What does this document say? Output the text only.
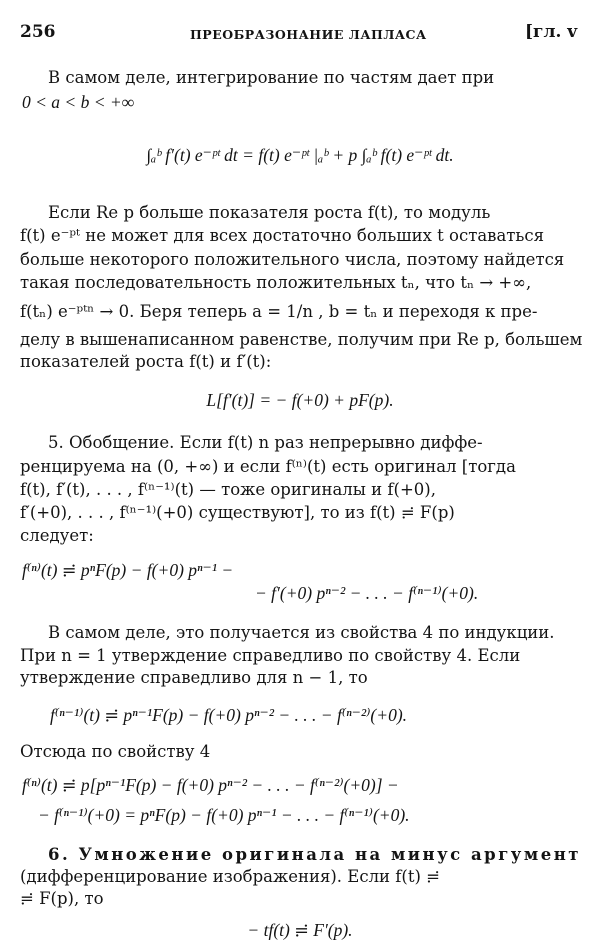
256	ПРЕОБРАЗОНАНИЕ ЛАПЛАСА	[гл. v
В самом деле, интегрирование по частям дает при
0 < a < b < +∞
∫ₐᵇ f′(t) e⁻ᵖᵗ dt = f(t) e⁻ᵖᵗ |ₐᵇ + p ∫ₐᵇ f(t) e⁻ᵖᵗ dt.
Если Re p больше показателя роста f(t), то модуль
f(t) e⁻ᵖᵗ не может для всех достаточно больших t оставаться
больше некоторого положительного числа, поэтому найдется
такая последовательность положительных tₙ, что tₙ → +∞,
f(tₙ) e⁻ᵖᵗⁿ → 0. Беря теперь a = 1/n , b = tₙ и переходя к пре-
делу в вышенаписанном равенстве, получим при Re p, большем
показателей роста f(t) и f′(t):
L[f′(t)] = − f(+0) + pF(p).
5. Обобщение. Если f(t) n раз непрерывно диффе-
ренцируема на (0, +∞) и если f⁽ⁿ⁾(t) есть оригинал [тогда
f(t), f′(t), . . . , f⁽ⁿ⁻¹⁾(t) — тоже оригиналы и f(+0),
f′(+0), . . . , f⁽ⁿ⁻¹⁾(+0) существуют], то из f(t) ≓ F(p)
следует:
f⁽ⁿ⁾(t) ≓ pⁿF(p) − f(+0) pⁿ⁻¹ −
− f′(+0) pⁿ⁻² − . . . − f⁽ⁿ⁻¹⁾(+0).
В самом деле, это получается из свойства 4 по индукции.
При n = 1 утверждение справедливо по свойству 4. Если
утверждение справедливо для n − 1, то
f⁽ⁿ⁻¹⁾(t) ≓ pⁿ⁻¹F(p) − f(+0) pⁿ⁻² − . . . − f⁽ⁿ⁻²⁾(+0).
Отсюда по свойству 4
f⁽ⁿ⁾(t) ≓ p[pⁿ⁻¹F(p) − f(+0) pⁿ⁻² − . . . − f⁽ⁿ⁻²⁾(+0)] −
− f⁽ⁿ⁻¹⁾(+0) = pⁿF(p) − f(+0) pⁿ⁻¹ − . . . − f⁽ⁿ⁻¹⁾(+0).
6. Умножение оригинала на минус аргумент
(дифференцирование изображения). Если f(t) ≓
≓ F(p), то
− tf(t) ≓ F′(p).
